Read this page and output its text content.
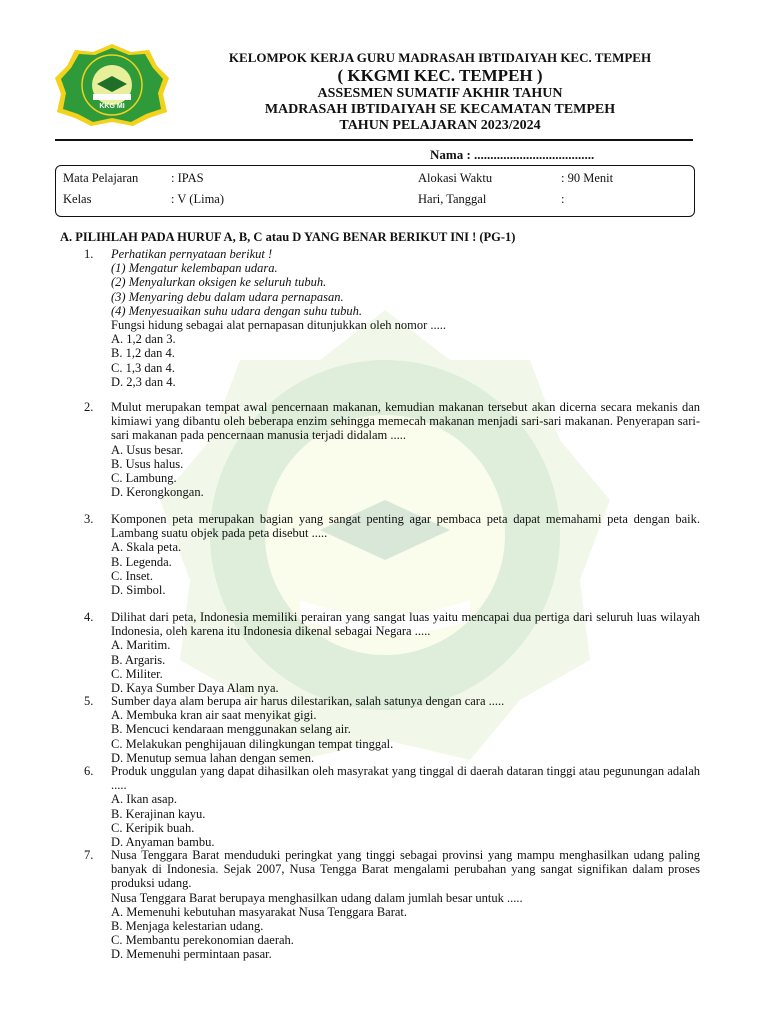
KKG MI
KELOMPOK KERJA GURU MADRASAH IBTIDAIYAH KEC. TEMPEH
( KKGMI KEC. TEMPEH )
ASSESMEN SUMATIF AKHIR TAHUN
MADRASAH IBTIDAIYAH SE KECAMATAN TEMPEH
TAHUN PELAJARAN 2023/2024
Nama : .....................................
Mata Pelajaran	: IPAS	Alokasi Waktu	: 90 Menit
Kelas	: V (Lima)	Hari, Tanggal	:
A. PILIHLAH PADA HURUF A, B, C atau D YANG BENAR BERIKUT INI ! (PG-1)
1. Perhatikan pernyataan berikut !
(1) Mengatur kelembapan udara.
(2) Menyalurkan oksigen ke seluruh tubuh.
(3) Menyaring debu dalam udara pernapasan.
(4) Menyesuaikan suhu udara dengan suhu tubuh.
Fungsi hidung sebagai alat pernapasan ditunjukkan oleh nomor .....
A. 1,2 dan 3.
B. 1,2 dan 4.
C. 1,3 dan 4.
D. 2,3 dan 4.
2. Mulut merupakan tempat awal pencernaan makanan, kemudian makanan tersebut akan dicerna secara mekanis dan kimiawi yang dibantu oleh beberapa enzim sehingga memecah makanan menjadi sari-sari makanan. Penyerapan sari-sari makanan pada pencernaan manusia terjadi didalam .....
A. Usus besar.
B. Usus halus.
C. Lambung.
D. Kerongkongan.
3. Komponen peta merupakan bagian yang sangat penting agar pembaca peta dapat memahami peta dengan baik. Lambang suatu objek pada peta disebut .....
A. Skala peta.
B. Legenda.
C. Inset.
D. Simbol.
4. Dilihat dari peta, Indonesia memiliki perairan yang sangat luas yaitu mencapai dua pertiga dari seluruh luas wilayah Indonesia, oleh karena itu Indonesia dikenal sebagai Negara .....
A. Maritim.
B. Argaris.
C. Militer.
D. Kaya Sumber Daya Alam nya.
5. Sumber daya alam berupa air harus dilestarikan, salah satunya dengan cara .....
A. Membuka kran air saat menyikat gigi.
B. Mencuci kendaraan menggunakan selang air.
C. Melakukan penghijauan dilingkungan tempat tinggal.
D. Menutup semua lahan dengan semen.
6. Produk unggulan yang dapat dihasilkan oleh masyrakat yang tinggal di daerah dataran tinggi atau pegunungan adalah .....
A. Ikan asap.
B. Kerajinan kayu.
C. Keripik buah.
D. Anyaman bambu.
7. Nusa Tenggara Barat menduduki peringkat yang tinggi sebagai provinsi yang mampu menghasilkan udang paling banyak di Indonesia. Sejak 2007, Nusa Tengga Barat mengalami perubahan yang sangat signifikan dalam proses produksi udang.
Nusa Tenggara Barat berupaya menghasilkan udang dalam jumlah besar untuk .....
A. Memenuhi kebutuhan masyarakat Nusa Tenggara Barat.
B. Menjaga kelestarian udang.
C. Membantu perekonomian daerah.
D. Memenuhi permintaan pasar.
